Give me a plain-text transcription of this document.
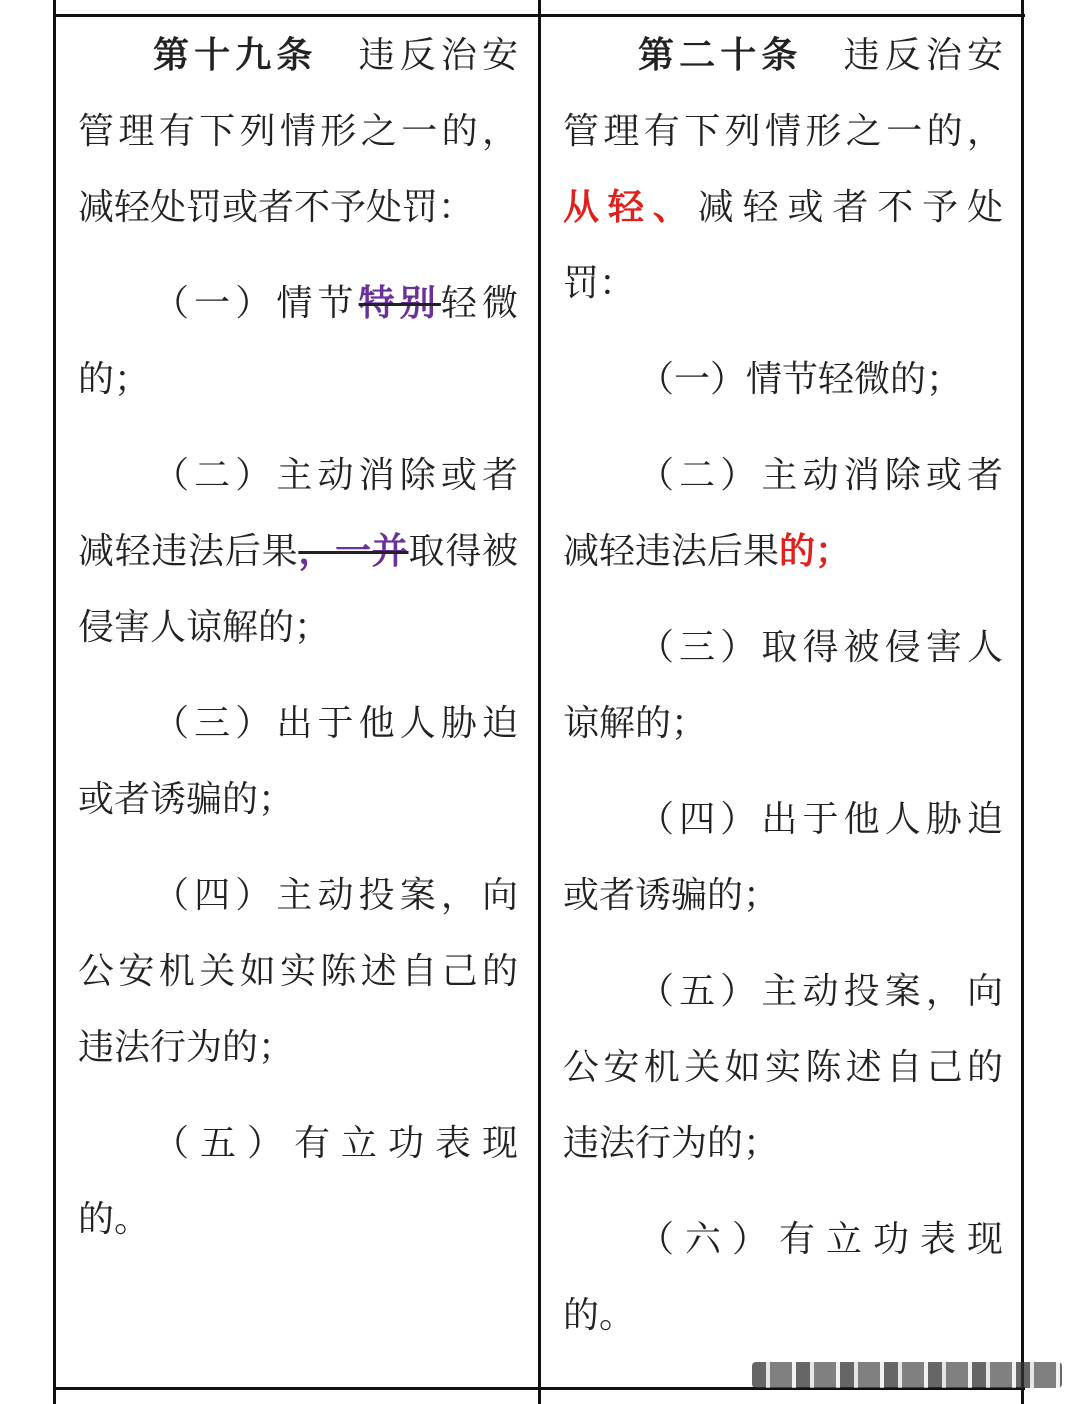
第十九条　违反治安
管理有下列情形之一的，
减轻处罚或者不予处罚：
（一）情节特别轻微
的；
（二）主动消除或者
减轻违法后果，一并取得被
侵害人谅解的；
（三）出于他人胁迫
或者诱骗的；
（四）主动投案，向
公安机关如实陈述自己的
违法行为的；
（五）有立功表现
的。
第二十条　违反治安
管理有下列情形之一的，
从轻、减轻或者不予处
罚：
（一）情节轻微的；
（二）主动消除或者
减轻违法后果的；
（三）取得被侵害人
谅解的；
（四）出于他人胁迫
或者诱骗的；
（五）主动投案，向
公安机关如实陈述自己的
违法行为的；
（六）有立功表现
的。
